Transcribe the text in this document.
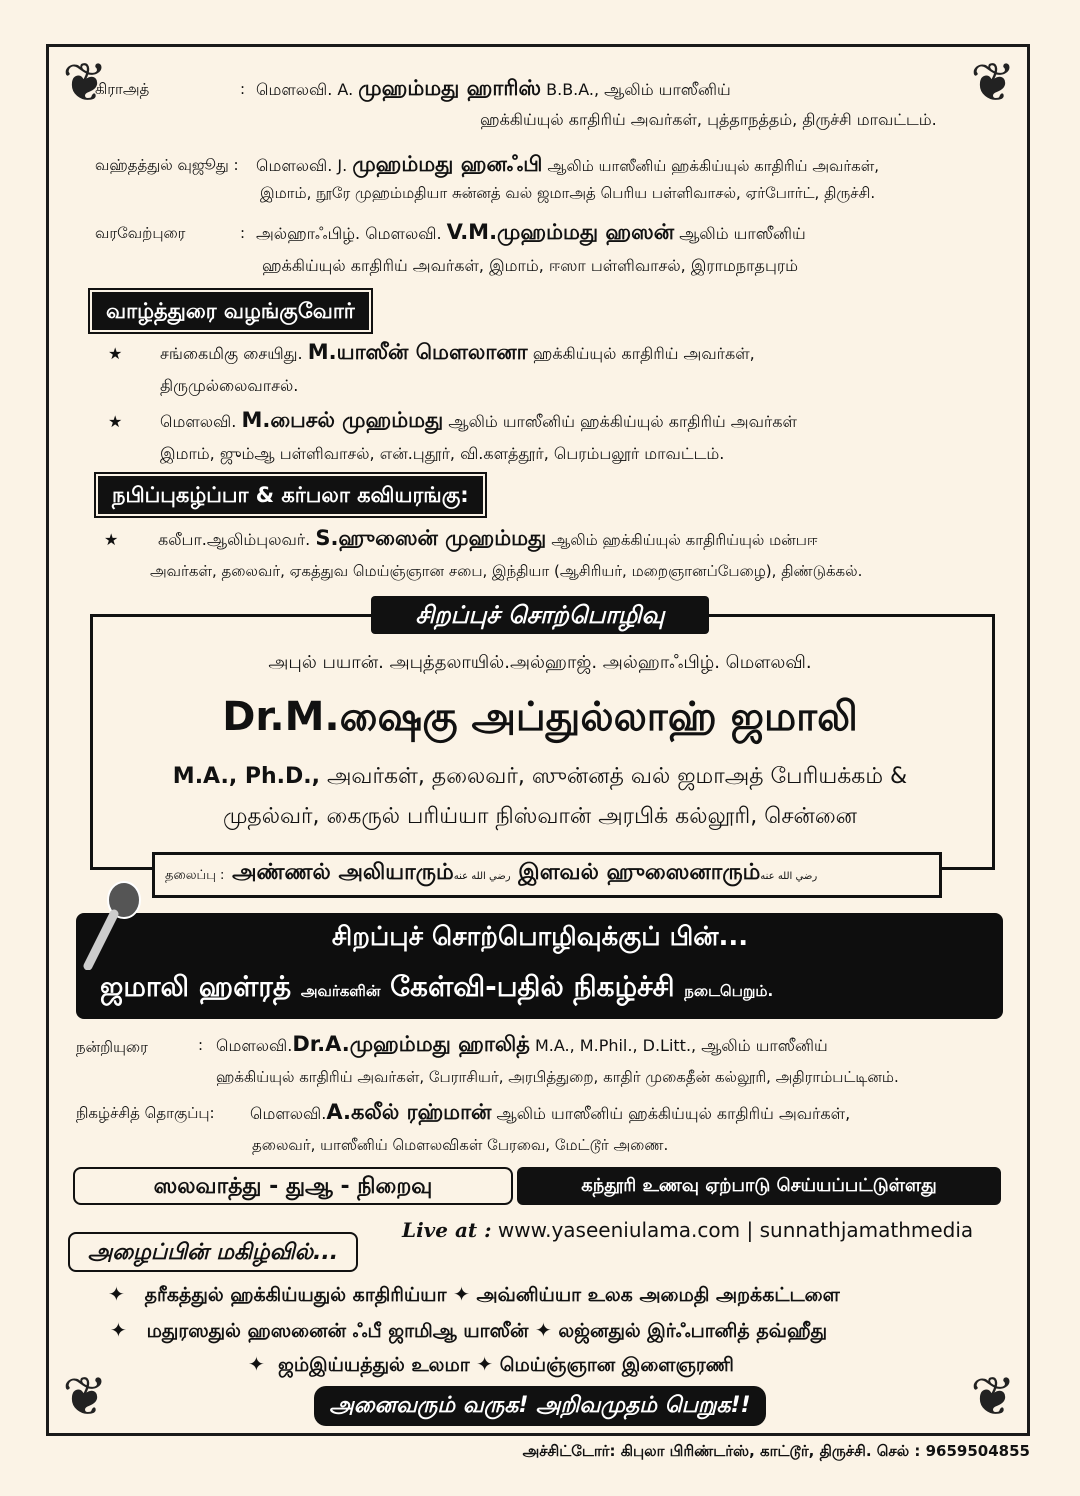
❦	❦
❦	❦
கிராஅத்	: மௌலவி. A. முஹம்மது ஹாரிஸ் B.B.A., ஆலிம் யாஸீனிய்
ஹக்கிய்யுல் காதிரிய் அவர்கள், புத்தாநத்தம், திருச்சி மாவட்டம்.
வஹ்தத்துல் வுஜூது : மௌலவி. J. முஹம்மது ஹனஃபி ஆலிம் யாஸீனிய் ஹக்கிய்யுல் காதிரிய் அவர்கள்,
இமாம், நூரே முஹம்மதியா சுன்னத் வல் ஜமாஅத் பெரிய பள்ளிவாசல், ஏர்போர்ட், திருச்சி.
வரவேற்புரை	: அல்ஹாஃபிழ். மௌலவி. V.M.முஹம்மது ஹஸன் ஆலிம் யாஸீனிய்
ஹக்கிய்யுல் காதிரிய் அவர்கள், இமாம், ஈஸா பள்ளிவாசல், இராமநாதபுரம்
வாழ்த்துரை வழங்குவோர்
★ சங்கைமிகு சையிது. M.யாஸீன் மௌலானா ஹக்கிய்யுல் காதிரிய் அவர்கள்,
திருமுல்லைவாசல்.
★ மௌலவி. M.பைசல் முஹம்மது ஆலிம் யாஸீனிய் ஹக்கிய்யுல் காதிரிய் அவர்கள்
இமாம், ஜும்ஆ பள்ளிவாசல், என்.புதூர், வி.களத்தூர், பெரம்பலூர் மாவட்டம்.
நபிப்புகழ்ப்பா & கர்பலா கவியரங்கு:
★ கலீபா.ஆலிம்புலவர். S.ஹுஸைன் முஹம்மது ஆலிம் ஹக்கிய்யுல் காதிரிய்யுல் மன்பஈ
அவர்கள், தலைவர், ஏகத்துவ மெய்ஞ்ஞான சபை, இந்தியா (ஆசிரியர், மறைஞானப்பேழை), திண்டுக்கல்.
சிறப்புச் சொற்பொழிவு
அபுல் பயான். அபுத்தலாயில்.அல்ஹாஜ். அல்ஹாஃபிழ். மௌலவி.
Dr.M.ஷைகு அப்துல்லாஹ் ஜமாலி
M.A., Ph.D., அவர்கள், தலைவர், ஸுன்னத் வல் ஜமாஅத் பேரியக்கம் &
முதல்வர், கைருல் பரிய்யா நிஸ்வான் அரபிக் கல்லூரி, சென்னை
தலைப்பு : அண்ணல் அலியாரும்رضي الله عنه இளவல் ஹுஸைனாரும்رضي الله عنه
சிறப்புச் சொற்பொழிவுக்குப் பின்...
ஜமாலி ஹள்ரத் அவர்களின் கேள்வி-பதில் நிகழ்ச்சி நடைபெறும்.
நன்றியுரை	: மௌலவி.Dr.A.முஹம்மது ஹாலித் M.A., M.Phil., D.Litt., ஆலிம் யாஸீனிய்
ஹக்கிய்யுல் காதிரிய் அவர்கள், பேராசியர், அரபித்துறை, காதிர் முகைதீன் கல்லூரி, அதிராம்பட்டினம்.
நிகழ்ச்சித் தொகுப்பு: மௌலவி.A.கலீல் ரஹ்மான் ஆலிம் யாஸீனிய் ஹக்கிய்யுல் காதிரிய் அவர்கள்,
தலைவர், யாஸீனிய் மௌலவிகள் பேரவை, மேட்டூர் அணை.
ஸலவாத்து - துஆ - நிறைவு	கந்தூரி உணவு ஏற்பாடு செய்யப்பட்டுள்ளது
Live at : www.yaseeniulama.com | sunnathjamathmedia
அழைப்பின் மகிழ்வில்...
✦ தரீகத்துல் ஹக்கிய்யதுல் காதிரிய்யா ✦ அவ்னிய்யா உலக அமைதி அறக்கட்டளை
✦ மதுரஸதுல் ஹஸனைன் ஃபீ ஜாமிஆ யாஸீன் ✦ லஜ்னதுல் இர்ஃபானித் தவ்ஹீது
✦ ஜம்இய்யத்துல் உலமா ✦ மெய்ஞ்ஞான இளைஞரணி
அனைவரும் வருக! அறிவமுதம் பெறுக!!
அச்சிட்டோர்: கிபுலா பிரிண்டர்ஸ், காட்டூர், திருச்சி. செல் : 9659504855
